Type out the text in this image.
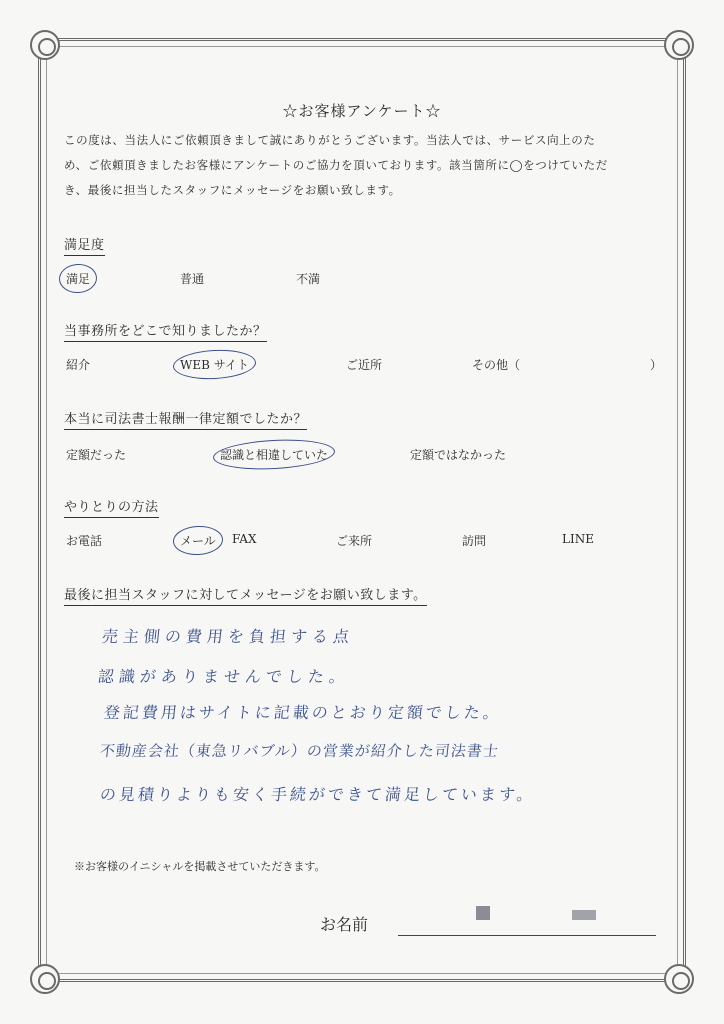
☆お客様アンケート☆
この度は、当法人にご依頼頂きまして誠にありがとうございます。当法人では、サービス向上のた
め、ご依頼頂きましたお客様にアンケートのご協力を頂いております。該当箇所に◯をつけていただ
き、最後に担当したスタッフにメッセージをお願い致します。
満足度
満足	普通	不満
当事務所をどこで知りましたか？
紹介	WEB サイト	ご近所	その他（	）
本当に司法書士報酬一律定額でしたか？
定額だった	認識と相違していた	定額ではなかった
やりとりの方法
お電話	メール FAX	ご来所	訪問	LINE
最後に担当スタッフに対してメッセージをお願い致します。
売主側の費用を負担する点
認識がありませんでした。
登記費用はサイトに記載のとおり定額でした。
不動産会社（東急リバブル）の営業が紹介した司法書士
の見積りよりも安く手続ができて満足しています。
※お客様のイニシャルを掲載させていただきます。
お名前
